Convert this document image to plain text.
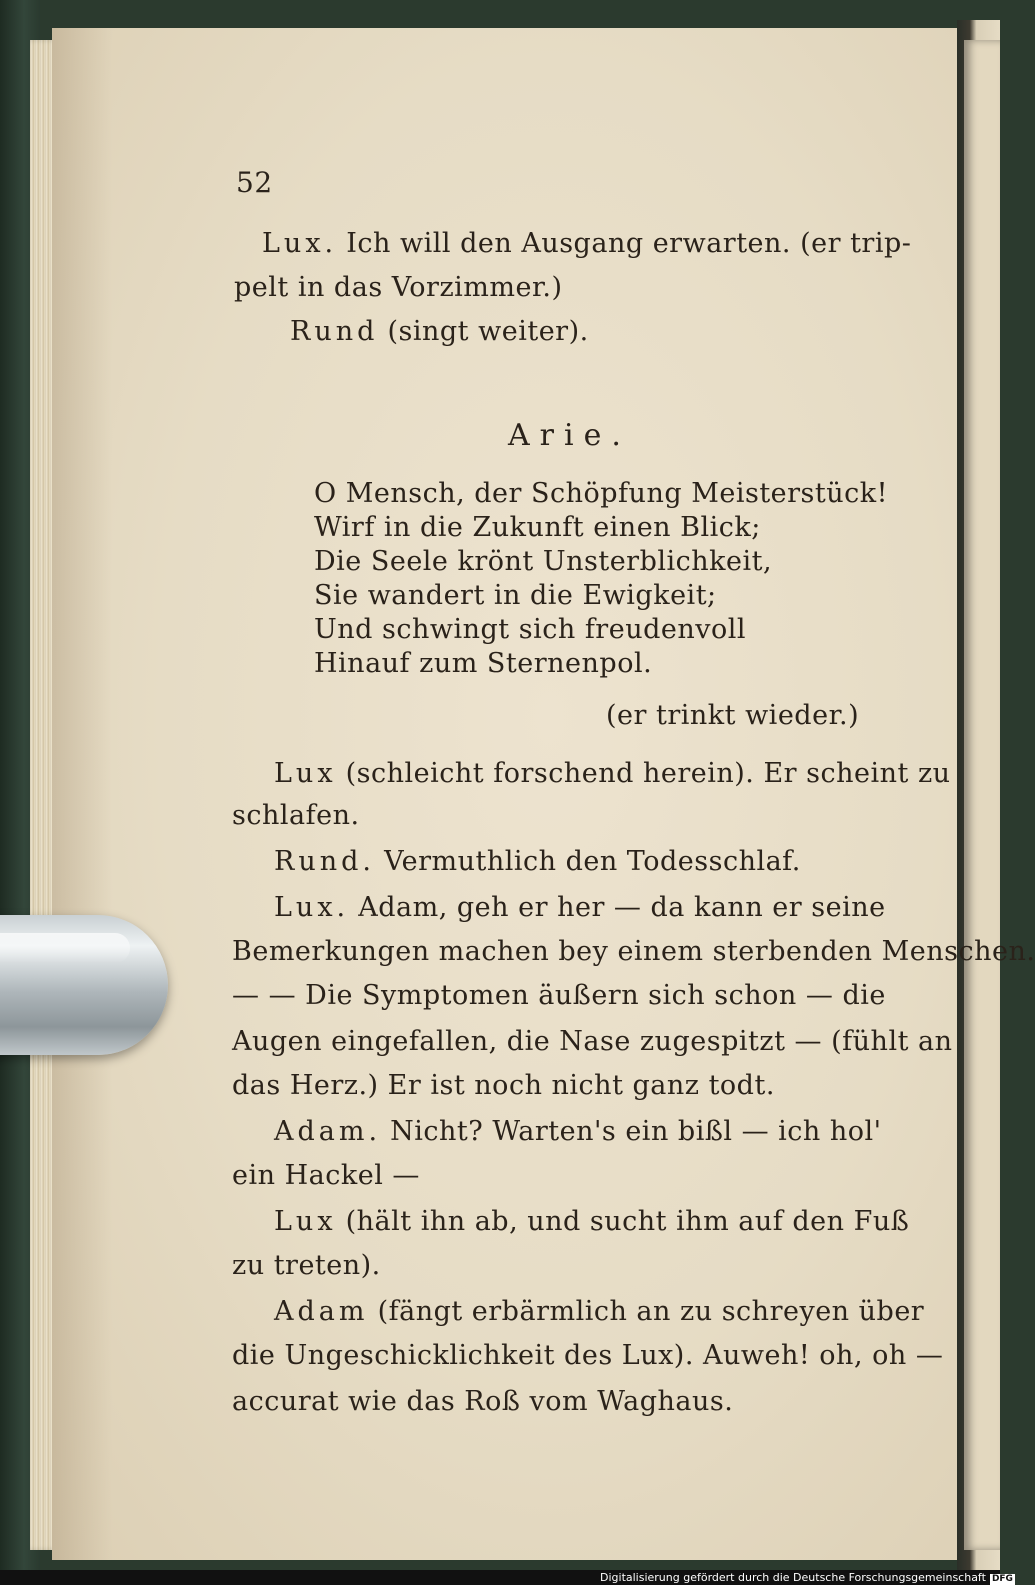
52
Lux. Ich will den Ausgang erwarten. (er trip-
pelt in das Vorzimmer.)
Rund (singt weiter).
Arie.
O Mensch, der Schöpfung Meisterstück!
Wirf in die Zukunft einen Blick;
Die Seele krönt Unsterblichkeit,
Sie wandert in die Ewigkeit;
Und schwingt sich freudenvoll
Hinauf zum Sternenpol.
(er trinkt wieder.)
Lux (schleicht forschend herein). Er scheint zu
schlafen.
Rund. Vermuthlich den Todesschlaf.
Lux. Adam, geh er her — da kann er seine
Bemerkungen machen bey einem sterbenden Menschen.
— — Die Symptomen äußern sich schon — die
Augen eingefallen, die Nase zugespitzt — (fühlt an
das Herz.) Er ist noch nicht ganz todt.
Adam. Nicht? Warten's ein bißl — ich hol'
ein Hackel —
Lux (hält ihn ab, und sucht ihm auf den Fuß
zu treten).
Adam (fängt erbärmlich an zu schreyen über
die Ungeschicklichkeit des Lux). Auweh! oh, oh —
accurat wie das Roß vom Waghaus.
Digitalisierung gefördert durch die Deutsche Forschungsgemeinschaft DFG
